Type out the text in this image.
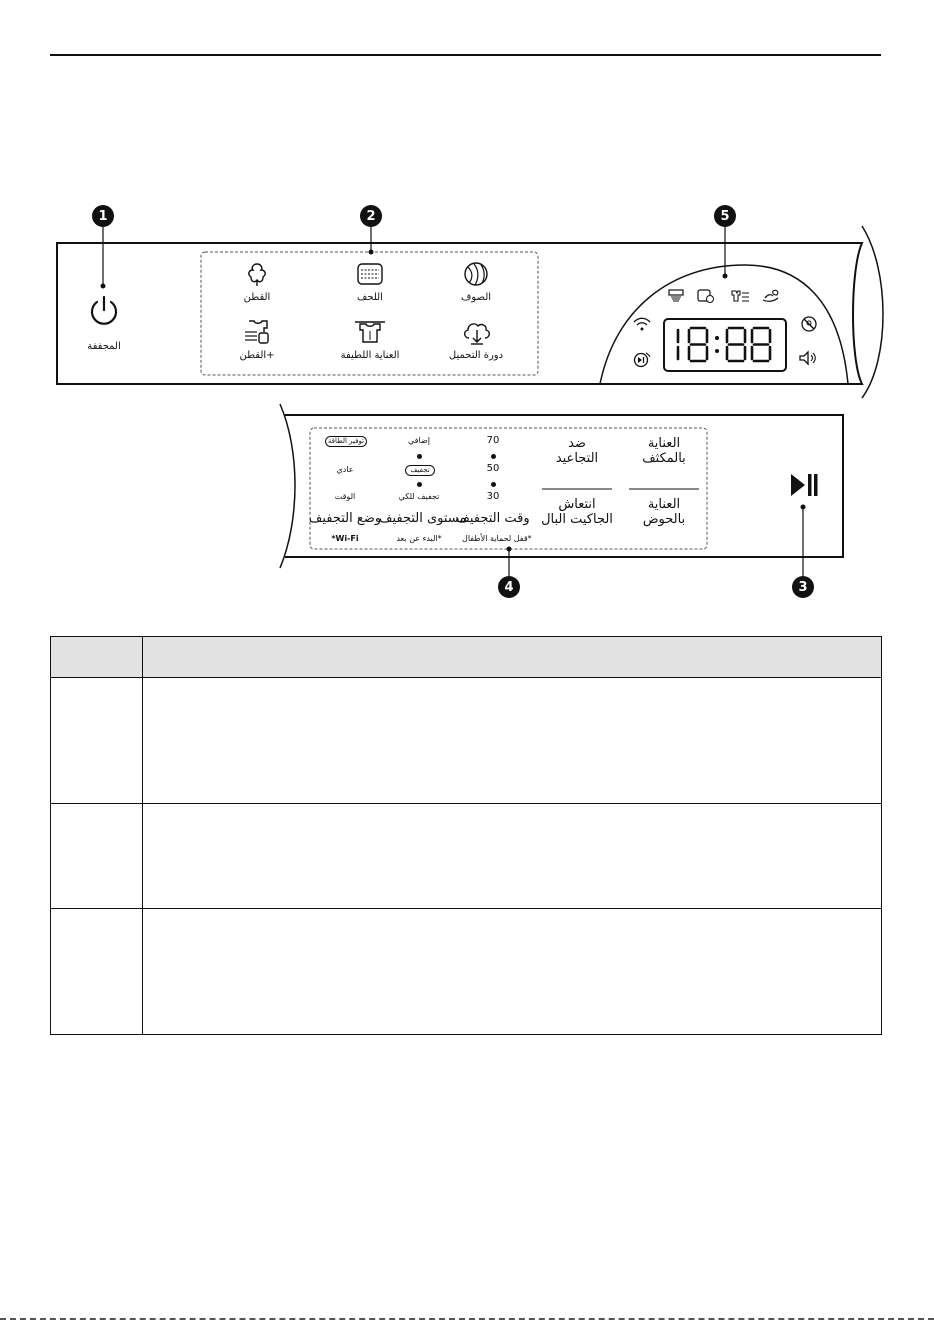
1	2	5
4	3
المجففة
القطن	اللحف	الصوف
القطن+	العناية اللطيفة	دورة التحميل
توفير الطاقة
عادي
الوقت
وضع التجفيف
*Wi-Fi
إضافي
تجفيف
تجفيف للكي
مستوى التجفيف
البدء عن بعد*
70
50
30
وقت التجفيف
قفل لحماية الأطفال*
ضد
التجاعيد
انتعاش
الجاكيت البال
العناية
بالمكثف
العناية
بالحوض
